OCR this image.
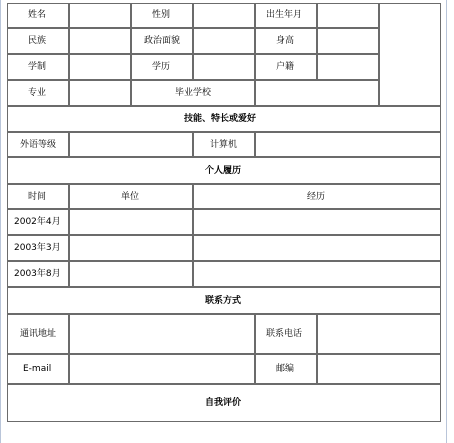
姓名	性别	出生年月
民族	政治面貌	身高
学制	学历	户籍
专业	毕业学校
技能、特长或爱好
外语等级	计算机
个人履历
时间	单位	经历
2002年4月
2003年3月
2003年8月
联系方式
通讯地址	联系电话
E-mail	邮编
自我评价
